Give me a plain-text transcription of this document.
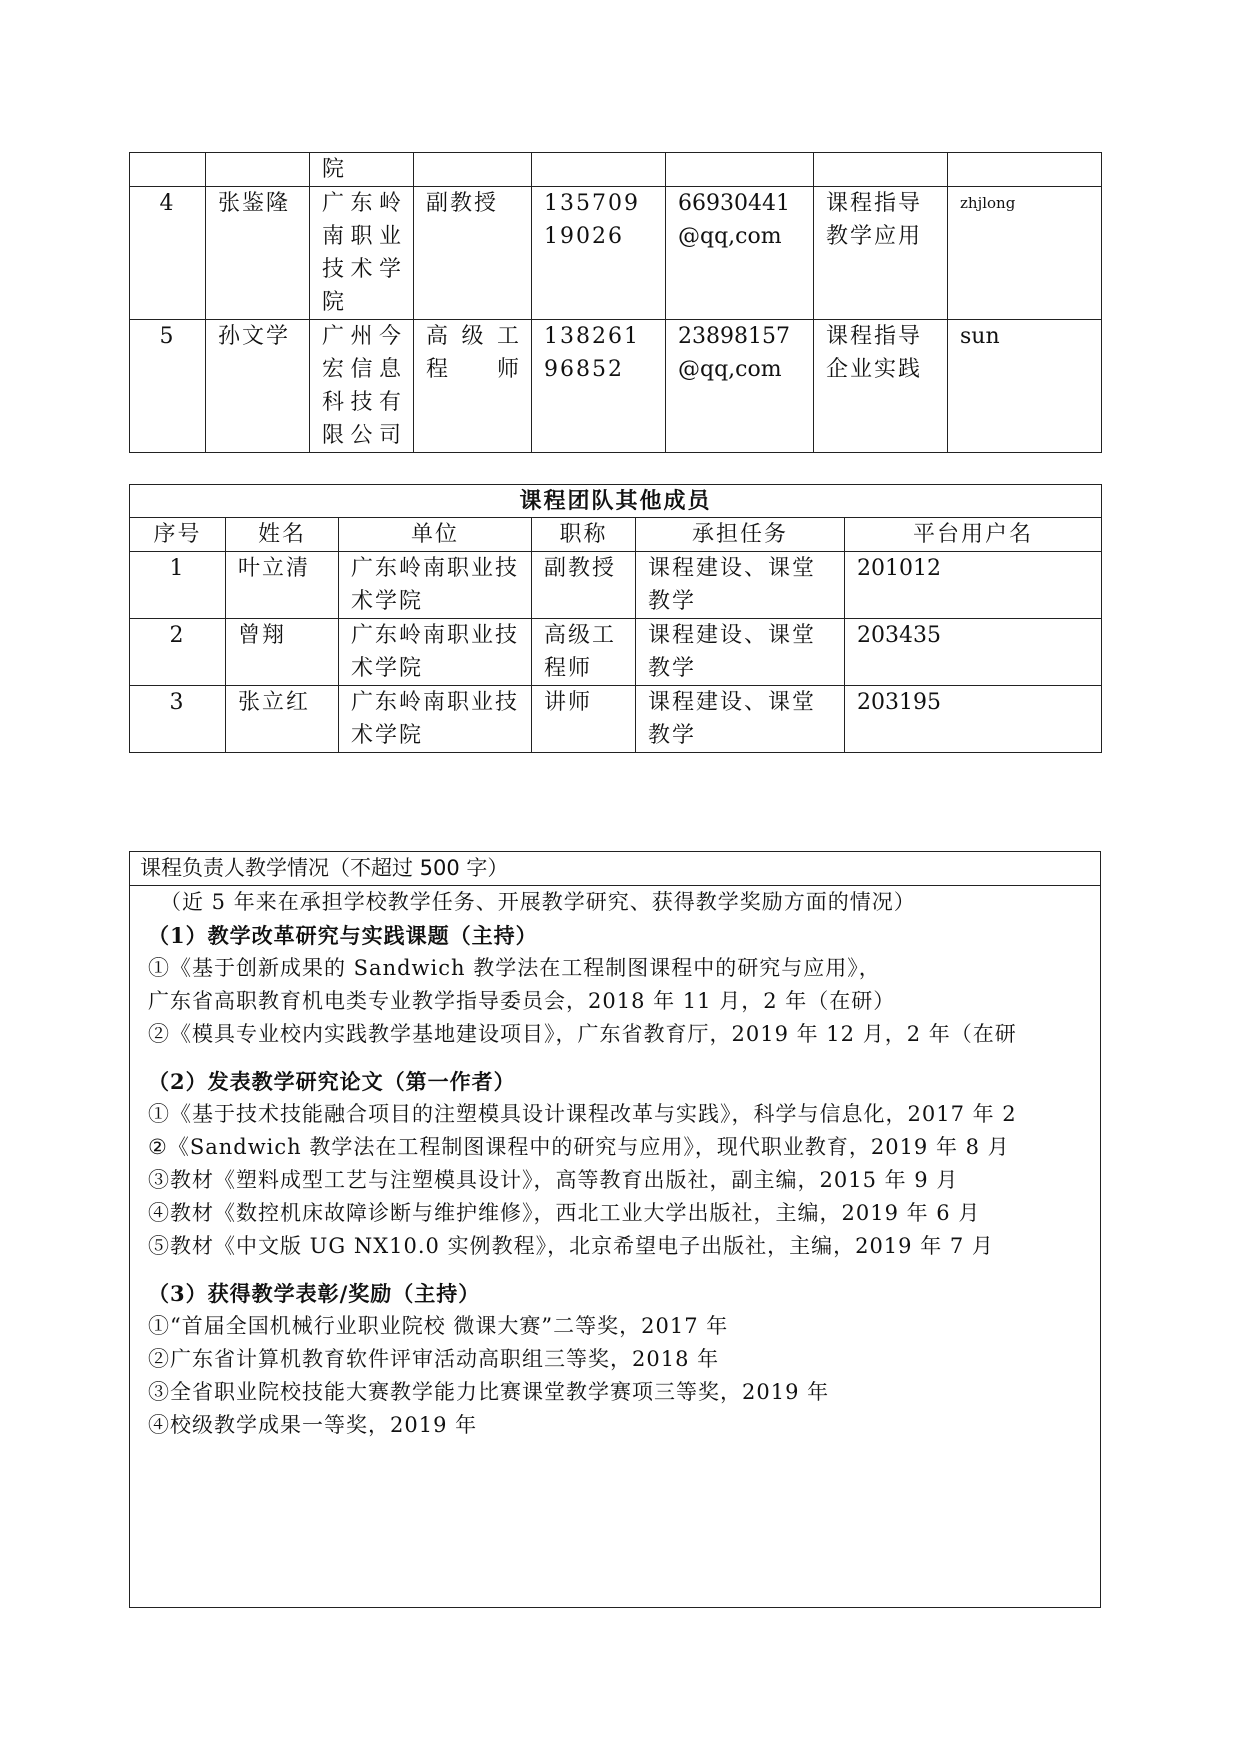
		院					
4	张鉴隆	广东岭南职业技术学院	副教授	13570919026	66930441@qq,com	课程指导教学应用	zhjlong
5	孙文学	广州今宏信息科技有限公司	高级工程师	13826196852	23898157@qq,com	课程指导企业实践	sun
课程团队其他成员					
序号	姓名	单位	职称	承担任务	平台用户名
1	叶立清	广东岭南职业技术学院	副教授	课程建设、课堂教学	201012
2	曾翔	广东岭南职业技术学院	高级工程师	课程建设、课堂教学	203435
3	张立红	广东岭南职业技术学院	讲师	课程建设、课堂教学	203195
课程负责人教学情况（不超过 500 字）
（近 5 年来在承担学校教学任务、开展教学研究、获得教学奖励方面的情况）
（1）教学改革研究与实践课题（主持）
①《基于创新成果的 Sandwich 教学法在工程制图课程中的研究与应用》，
广东省高职教育机电类专业教学指导委员会，2018 年 11 月，2 年（在研）
②《模具专业校内实践教学基地建设项目》，广东省教育厅，2019 年 12 月，2 年（在研
（2）发表教学研究论文（第一作者）
①《基于技术技能融合项目的注塑模具设计课程改革与实践》，科学与信息化，2017 年 2
②《Sandwich 教学法在工程制图课程中的研究与应用》，现代职业教育，2019 年 8 月
③教材《塑料成型工艺与注塑模具设计》，高等教育出版社，副主编，2015 年 9 月
④教材《数控机床故障诊断与维护维修》，西北工业大学出版社，主编，2019 年 6 月
⑤教材《中文版 UG NX10.0 实例教程》，北京希望电子出版社，主编，2019 年 7 月
（3）获得教学表彰/奖励（主持）
①“首届全国机械行业职业院校 微课大赛”二等奖，2017 年
②广东省计算机教育软件评审活动高职组三等奖，2018 年
③全省职业院校技能大赛教学能力比赛课堂教学赛项三等奖，2019 年
④校级教学成果一等奖，2019 年
